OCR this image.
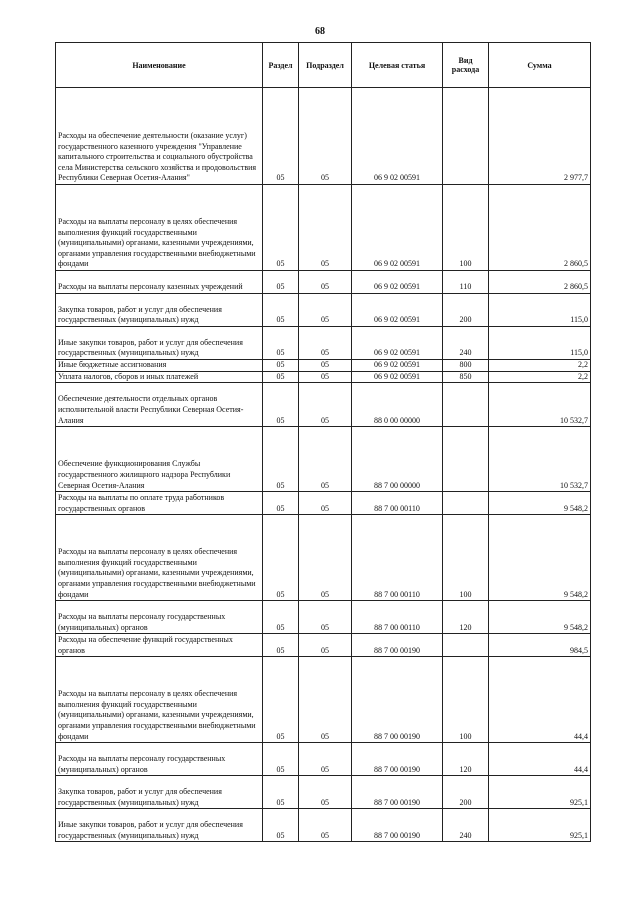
68
Наименование	Раздел	Подраздел	Целевая статья	Вид расхода	Сумма
Расходы на обеспечение деятельности (оказание услуг) государственного казенного учреждения "Управление капитального строительства и социального обустройства села Министерства сельского хозяйства и продовольствия Республики Северная Осетия-Алания"	05	05	06 9 02 00591		2 977,7
Расходы на выплаты персоналу в целях обеспечения выполнения функций государственными (муниципальными) органами, казенными учреждениями, органами управления государственными внебюджетными фондами	05	05	06 9 02 00591	100	2 860,5
Расходы на выплаты персоналу казенных учреждений	05	05	06 9 02 00591	110	2 860,5
Закупка товаров, работ и услуг для обеспечения государственных (муниципальных) нужд	05	05	06 9 02 00591	200	115,0
Иные закупки товаров, работ и услуг для обеспечения государственных (муниципальных) нужд	05	05	06 9 02 00591	240	115,0
Иные бюджетные ассигнования	05	05	06 9 02 00591	800	2,2
Уплата налогов, сборов и иных платежей	05	05	06 9 02 00591	850	2,2
Обеспечение деятельности отдельных органов исполнительной власти Республики Северная Осетия-Алания	05	05	88 0 00 00000		10 532,7
Обеспечение функционирования Службы государственного жилищного надзора Республики Северная Осетия-Алания	05	05	88 7 00 00000		10 532,7
Расходы на выплаты по оплате труда работников государственных органов	05	05	88 7 00 00110		9 548,2
Расходы на выплаты персоналу в целях обеспечения выполнения функций государственными (муниципальными) органами, казенными учреждениями, органами управления государственными внебюджетными фондами	05	05	88 7 00 00110	100	9 548,2
Расходы на выплаты персоналу государственных (муниципальных) органов	05	05	88 7 00 00110	120	9 548,2
Расходы на обеспечение функций государственных органов	05	05	88 7 00 00190		984,5
Расходы на выплаты персоналу в целях обеспечения выполнения функций государственными (муниципальными) органами, казенными учреждениями, органами управления государственными внебюджетными фондами	05	05	88 7 00 00190	100	44,4
Расходы на выплаты персоналу государственных (муниципальных) органов	05	05	88 7 00 00190	120	44,4
Закупка товаров, работ и услуг для обеспечения государственных (муниципальных) нужд	05	05	88 7 00 00190	200	925,1
Иные закупки товаров, работ и услуг для обеспечения государственных (муниципальных) нужд	05	05	88 7 00 00190	240	925,1
